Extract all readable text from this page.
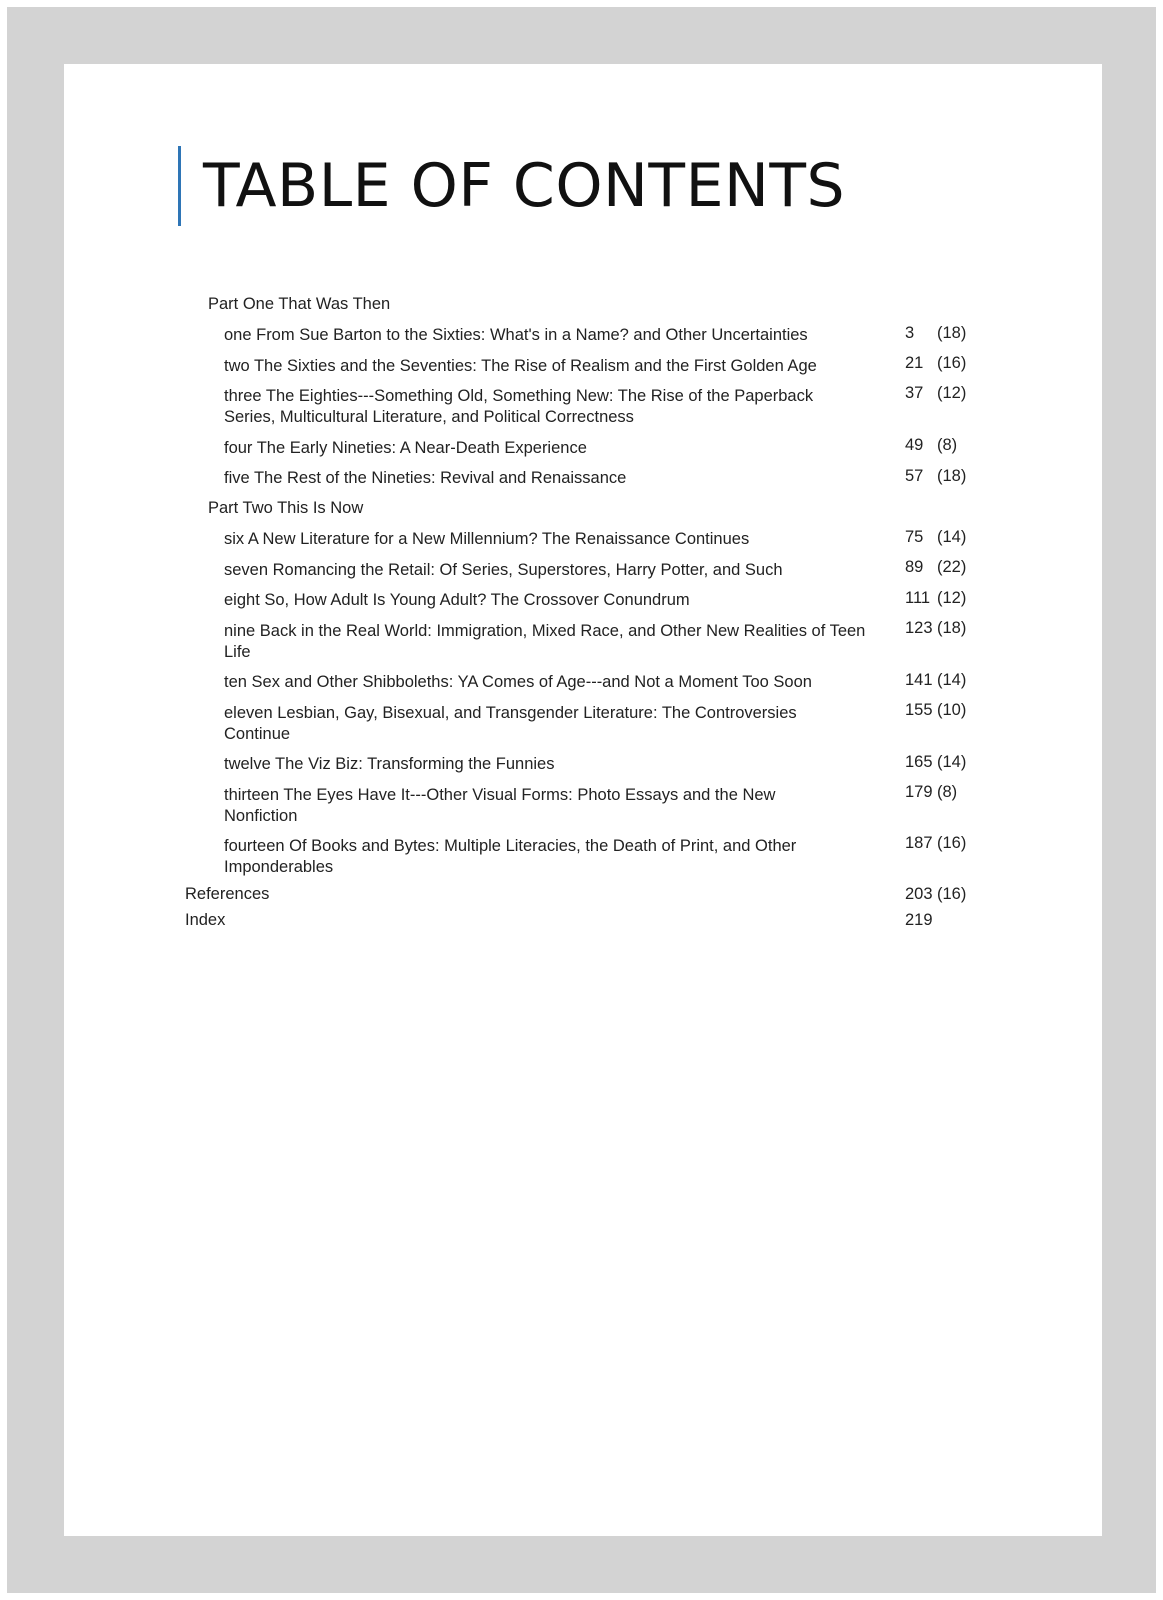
TABLE OF CONTENTS
Part One That Was Then
one From Sue Barton to the Sixties: What's in a Name? and Other Uncertainties	3 (18)
two The Sixties and the Seventies: The Rise of Realism and the First Golden Age	21 (16)
three The Eighties---Something Old, Something New: The Rise of the Paperback Series, Multicultural Literature, and Political Correctness
37 (12)
four The Early Nineties: A Near-Death Experience	49 (8)
five The Rest of the Nineties: Revival and Renaissance	57 (18)
Part Two This Is Now
six A New Literature for a New Millennium? The Renaissance Continues	75 (14)
seven Romancing the Retail: Of Series, Superstores, Harry Potter, and Such	89 (22)
eight So, How Adult Is Young Adult? The Crossover Conundrum	111 (12)
nine Back in the Real World: Immigration, Mixed Race, and Other New Realities of Teen Life
123 (18)
ten Sex and Other Shibboleths: YA Comes of Age---and Not a Moment Too Soon	141 (14)
eleven Lesbian, Gay, Bisexual, and Transgender Literature: The Controversies Continue
155 (10)
twelve The Viz Biz: Transforming the Funnies	165 (14)
thirteen The Eyes Have It---Other Visual Forms: Photo Essays and the New Nonfiction
179 (8)
fourteen Of Books and Bytes: Multiple Literacies, the Death of Print, and Other Imponderables
187 (16)
References	203 (16)
Index	219
